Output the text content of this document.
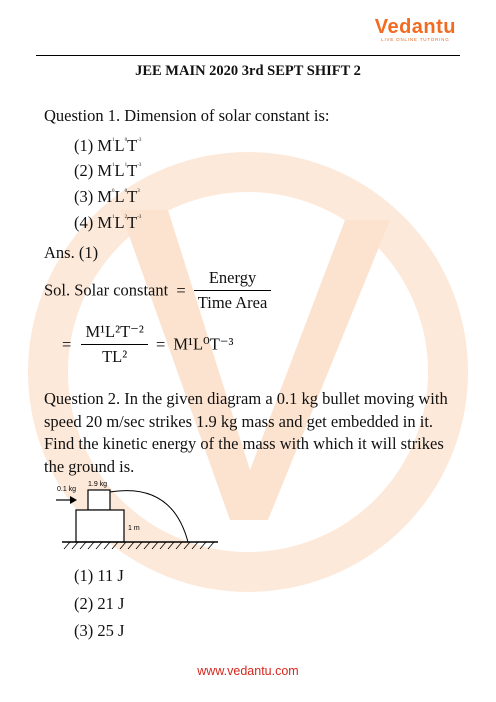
Vedantu
LIVE ONLINE TUTORING
JEE MAIN 2020 3rd SEPT SHIFT 2
Question 1. Dimension of solar constant is:
(1) $M^1L^0T^{-3}$
(2) $M^1L^1T^{-3}$
(3) $M^0L^0T^3$
(4) $M^1L^2T^{-3}$
Ans. (1)
Sol. Solar constant = $\frac{\text{Energy}}{\text{Time Area}}$
= $\frac{\text{M¹L²T⁻²}}{\text{TL²}} = M^1L^0T^{-3}$
Question 2. In the given diagram a 0.1 kg bullet moving with speed 20 m/sec strikes 1.9 kg mass and get embedded in it. Find the kinetic energy of the mass with which it will strikes the ground is.
0.1 kg
1.9 kg
1 m
(1) 11 J
(2) 21 J
(3) 25 J
www.vedantu.com
